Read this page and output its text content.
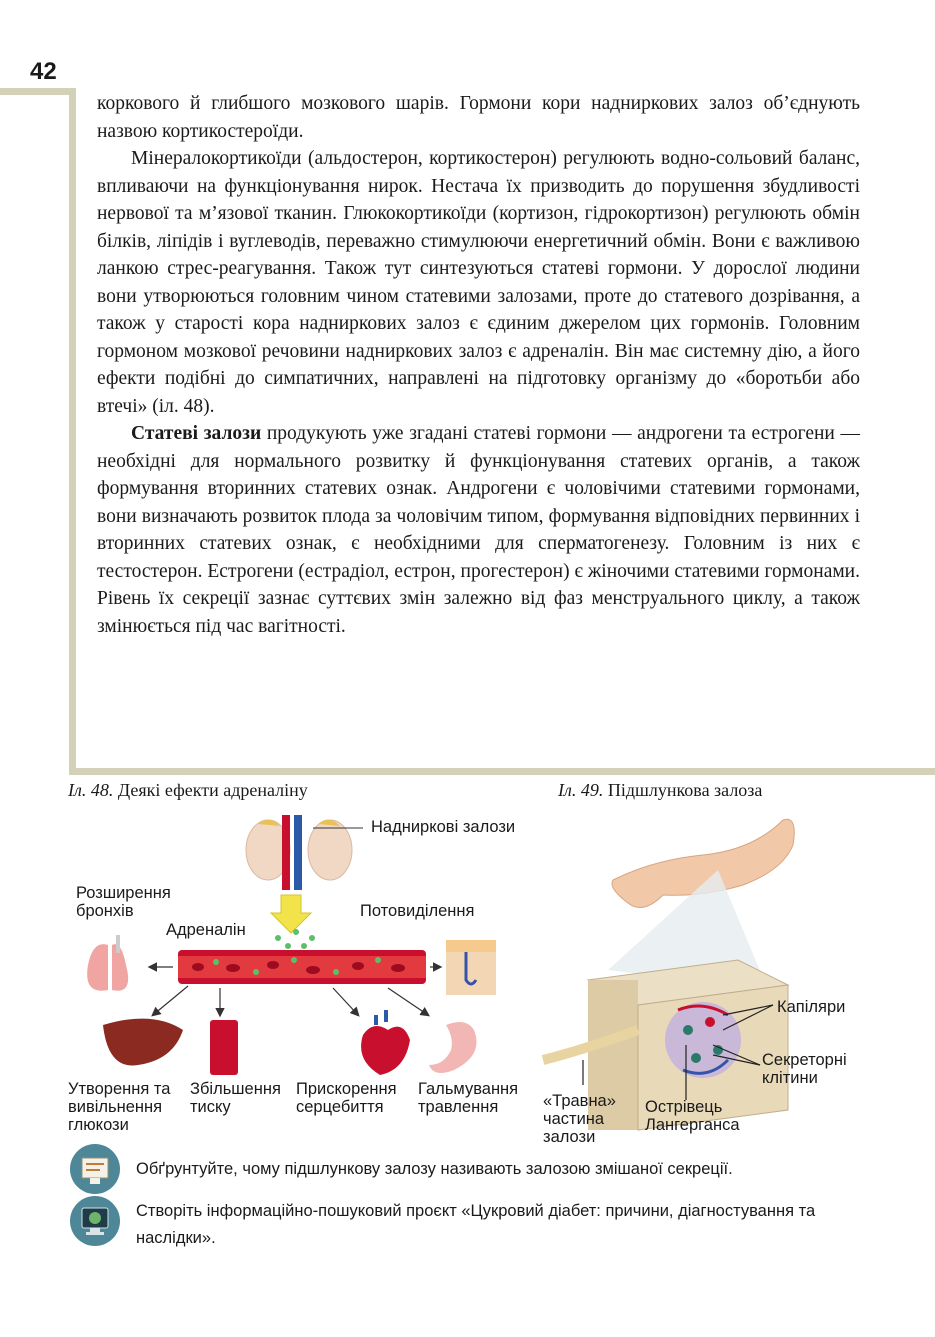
42

коркового й глибшого мозкового шарів. Гормони кори надниркових залоз об’єднують назвою кортикостероїди.

Мінералокортикоїди (альдостерон, кортикостерон) регулюють водно-сольовий баланс, впливаючи на функціонування нирок. Нестача їх призводить до порушення збудливості нервової та м’язової тканин. Глюкокортикоїди (кортизон, гідрокортизон) регулюють обмін білків, ліпідів і вуглеводів, переважно стимулюючи енергетичний обмін. Вони є важливою ланкою стрес-реагування. Також тут синтезуються статеві гормони. У дорослої людини вони утворюються головним чином статевими залозами, проте до статевого дозрівання, а також у старості кора надниркових залоз є єдиним джерелом цих гормонів. Головним гормоном мозкової речовини надниркових залоз є адреналін. Він має системну дію, а його ефекти подібні до симпатичних, направлені на підготовку організму до «боротьби або втечі» (іл. 48).

Статеві залози продукують уже згадані статеві гормони — андрогени та естрогени — необхідні для нормального розвитку й функціонування статевих органів, а також формування вторинних статевих ознак. Андрогени є чоловічими статевими гормонами, вони визначають розвиток плода за чоловічим типом, формування відповідних первинних і вторинних статевих ознак, є необхідними для сперматогенезу. Головним із них є тестостерон. Естрогени (естрадіол, естрон, прогестерон) є жіночими статевими гормонами. Рівень їх секреції зазнає суттєвих змін залежно від фаз менструального циклу, а також змінюється під час вагітності.

Іл. 48. Деякі ефекти адреналіну	Іл. 49. Підшлункова залоза
Надниркові залози
Розширення бронхів
Адреналін
Потовиділення
Утворення та вивільнення глюкози
Збільшення тиску
Прискорення серцебиття
Гальмування травлення
Капіляри
Секреторні клітини
«Травна» частина залози
Острівець Лангерганса
Обґрунтуйте, чому підшлункову залозу називають залозою змішаної секреції.
Створіть інформаційно-пошуковий проєкт «Цукровий діабет: причини, діагностування та наслідки».
